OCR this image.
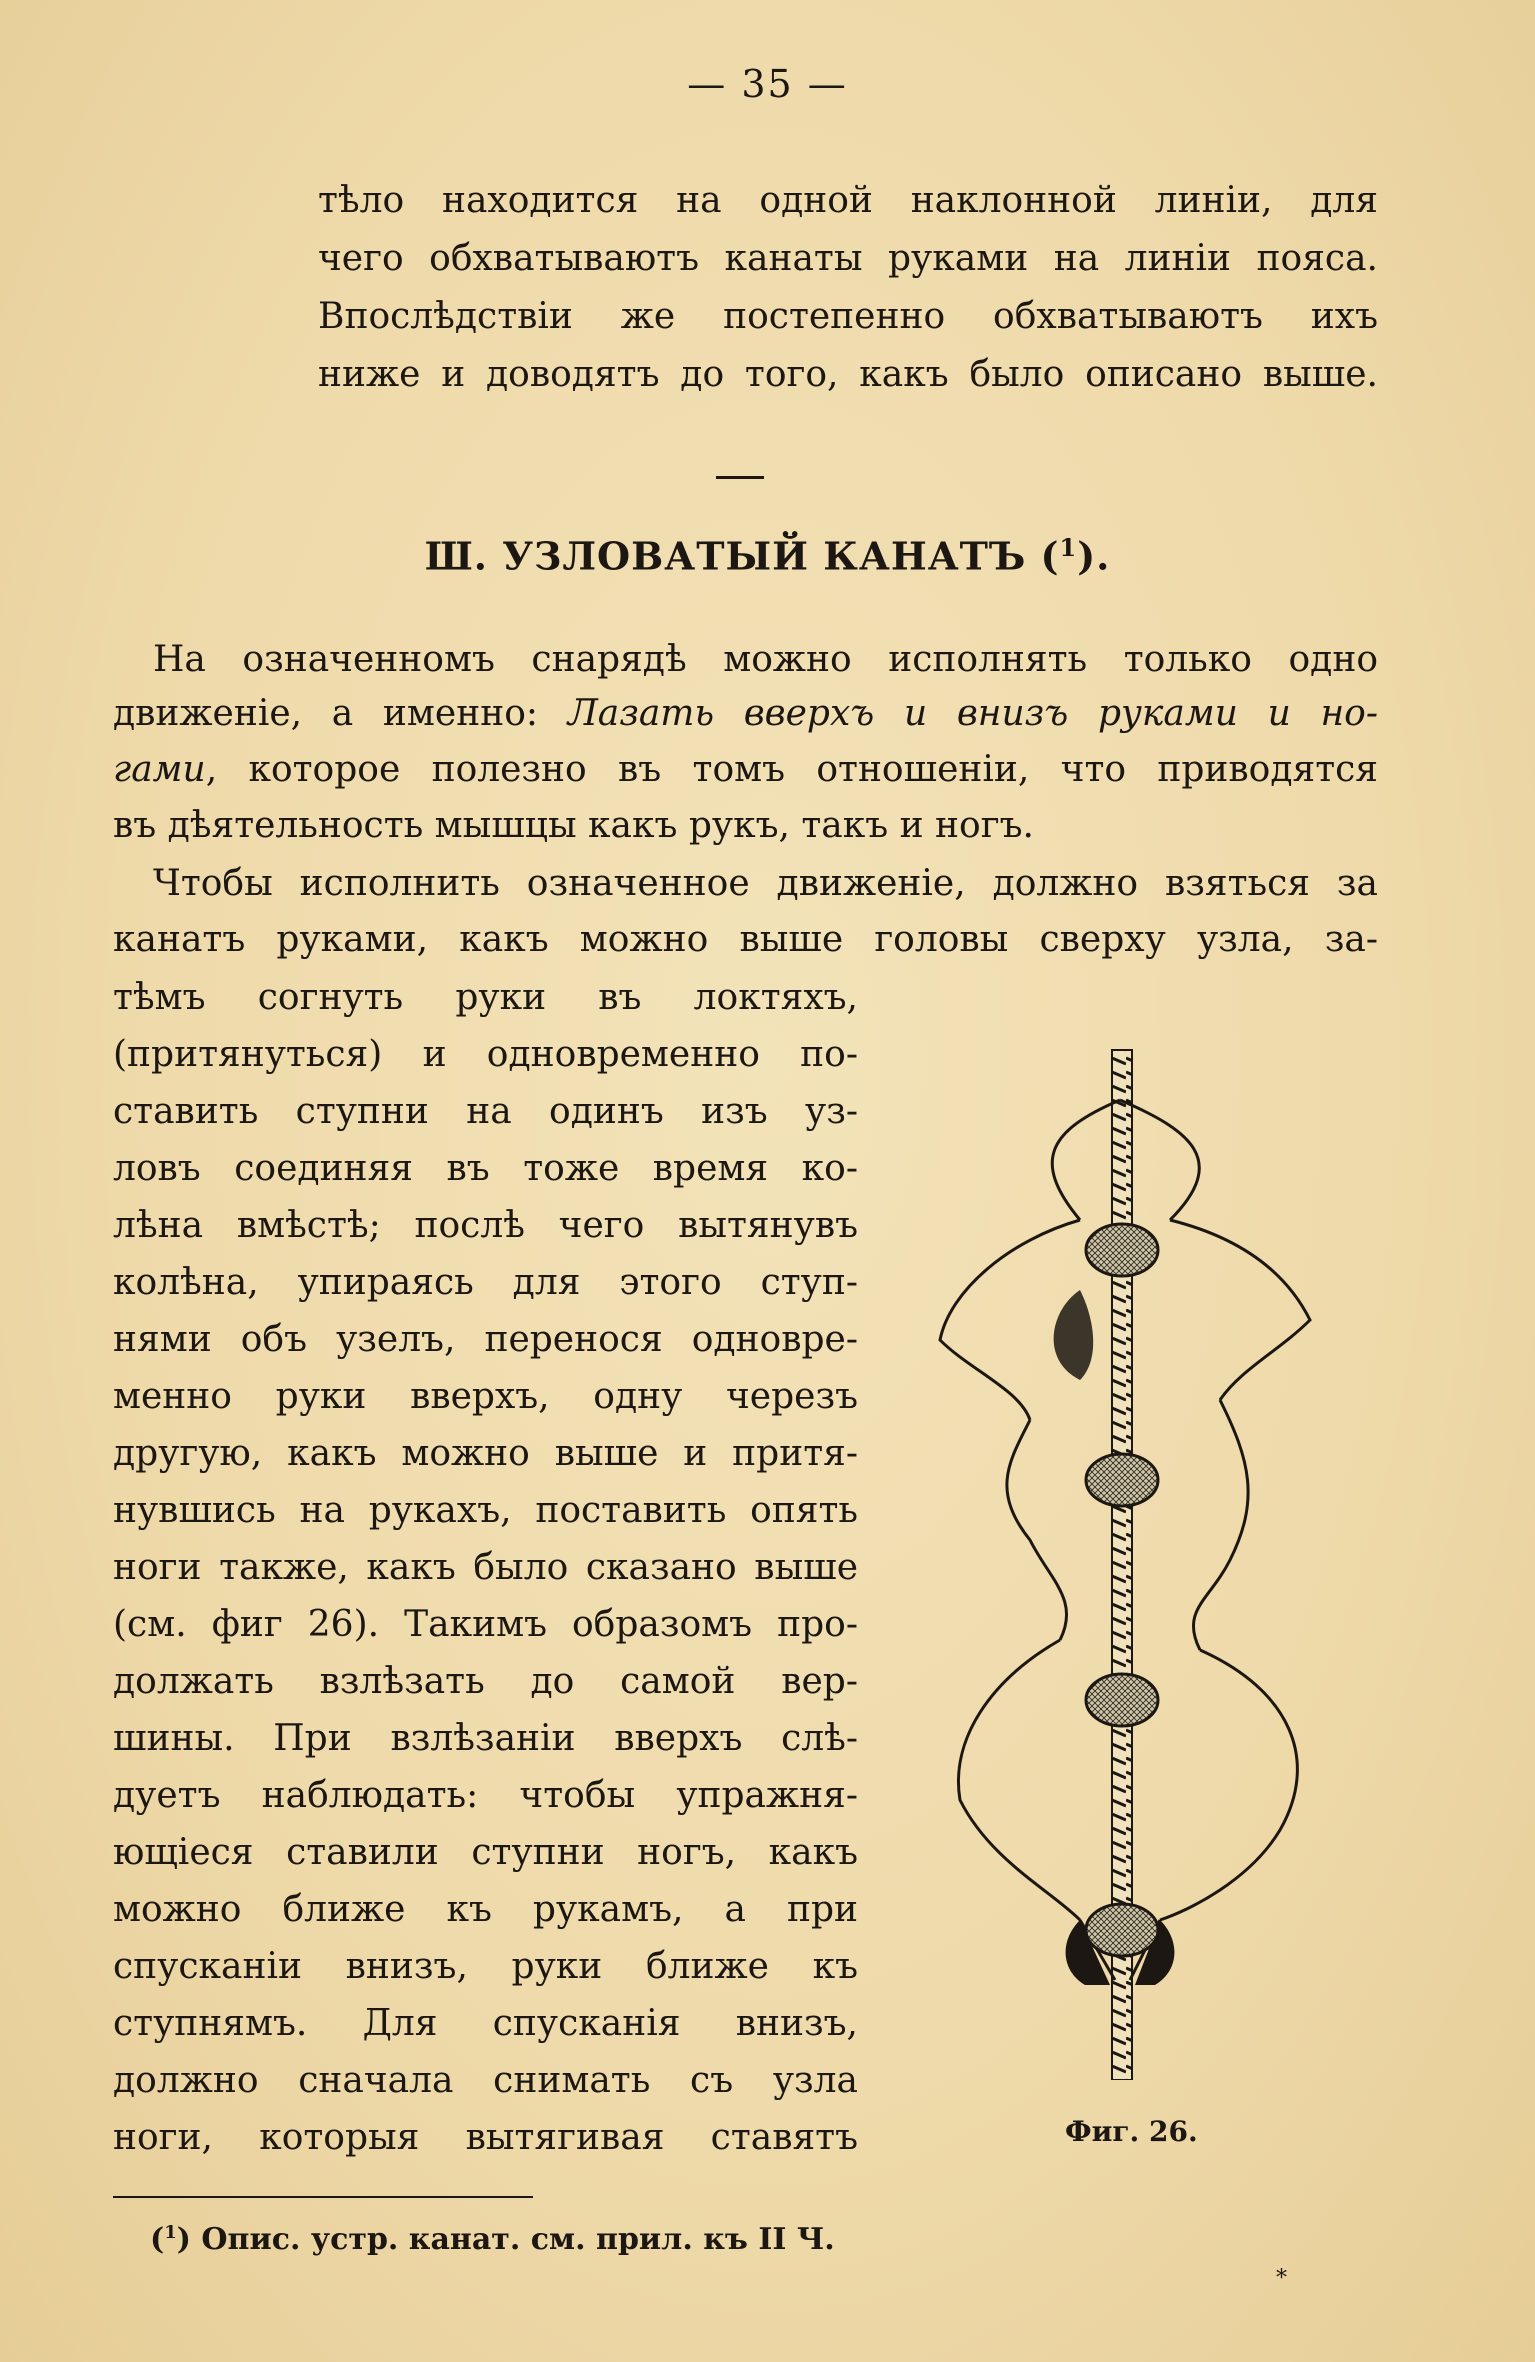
— 35 —
тѣло находится на одной наклонной линіи, для
чего обхватываютъ канаты руками на линіи пояса.
Впослѣдствіи же постепенно обхватываютъ ихъ
ниже и доводятъ до того, какъ было описано выше.
Ш. УЗЛОВАТЫЙ КАНАТЪ ($^1$).
На означенномъ снарядѣ можно исполнять только одно
движеніе, а именно: Лазать вверхъ и внизъ руками и но-
гами, которое полезно въ томъ отношеніи, что приводятся
въ дѣятельность мышцы какъ рукъ, такъ и ногъ.
Чтобы исполнить означенное движеніе, должно взяться за
канатъ руками, какъ можно выше головы сверху узла, за-
тѣмъ согнуть руки въ локтяхъ,
(притянуться) и одновременно по-
ставить ступни на одинъ изъ уз-
ловъ соединяя въ тоже время ко-
лѣна вмѣстѣ; послѣ чего вытянувъ
колѣна, упираясь для этого ступ-
нями объ узелъ, перенося одновре-
менно руки вверхъ, одну черезъ
другую, какъ можно выше и притя-
нувшись на рукахъ, поставить опять
ноги также, какъ было сказано выше
(см. фиг 26). Такимъ образомъ про-
должать взлѣзать до самой вер-
шины. При взлѣзаніи вверхъ слѣ-
дуетъ наблюдать: чтобы упражня-
ющіеся ставили ступни ногъ, какъ
можно ближе къ рукамъ, а при
спусканіи внизъ, руки ближе къ
ступнямъ. Для спусканія внизъ,
должно сначала снимать съ узла
ноги, которыя вытягивая ставятъ	Фиг. 26.
($^1$) Опис. устр. канат. см. прил. къ II Ч.
*
